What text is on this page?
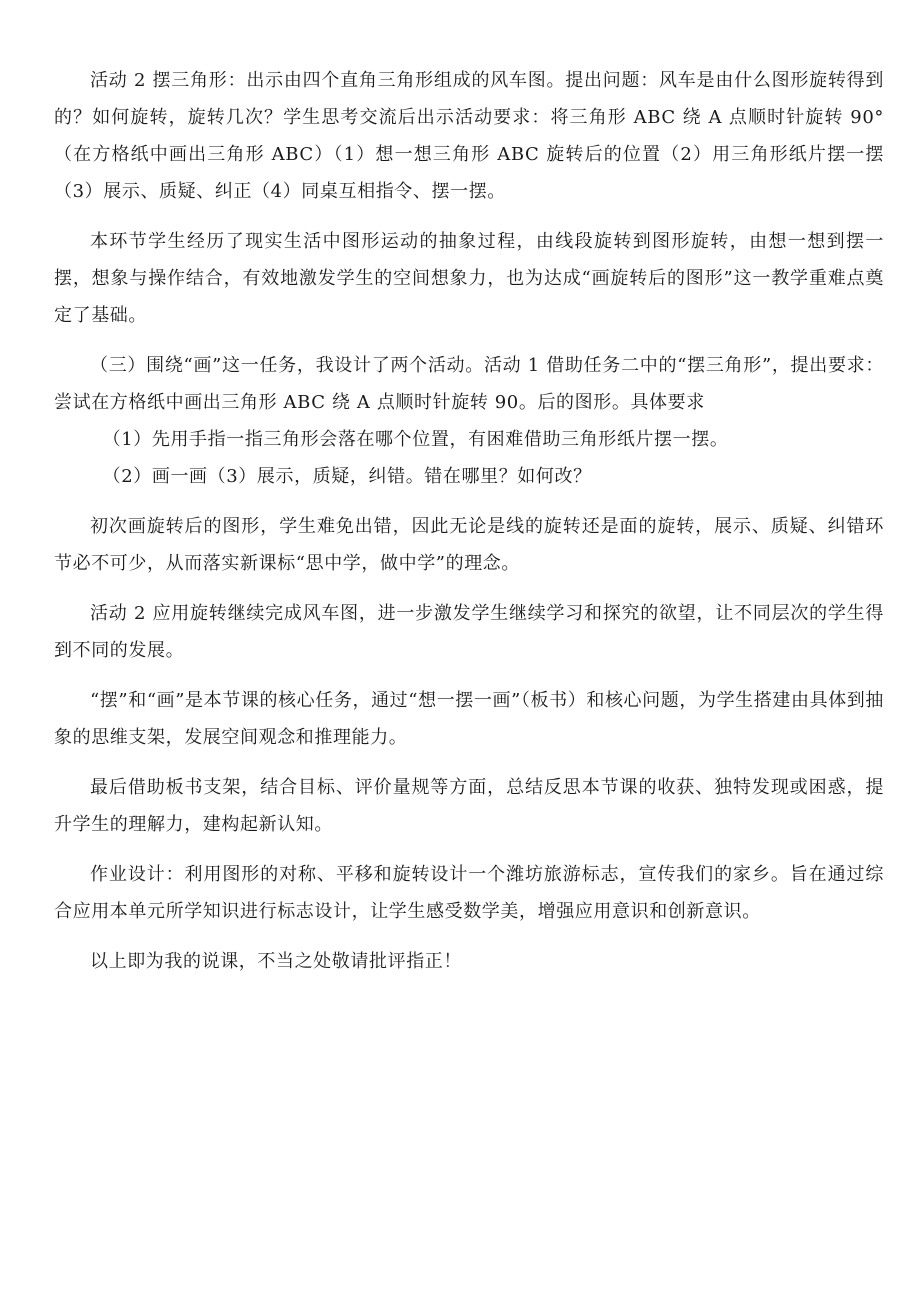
活动 2 摆三角形：出示由四个直角三角形组成的风车图。提出问题：风车是由什么图形旋转得到的？如何旋转，旋转几次？学生思考交流后出示活动要求：将三角形 ABC 绕 A 点顺时针旋转 90°（在方格纸中画出三角形 ABC）（1）想一想三角形 ABC 旋转后的位置（2）用三角形纸片摆一摆（3）展示、质疑、纠正（4）同桌互相指令、摆一摆。

本环节学生经历了现实生活中图形运动的抽象过程，由线段旋转到图形旋转，由想一想到摆一摆，想象与操作结合，有效地激发学生的空间想象力，也为达成“画旋转后的图形”这一教学重难点奠定了基础。

（三）围绕“画”这一任务，我设计了两个活动。活动 1 借助任务二中的“摆三角形”，提出要求：尝试在方格纸中画出三角形 ABC 绕 A 点顺时针旋转 90。后的图形。具体要求

（1）先用手指一指三角形会落在哪个位置，有困难借助三角形纸片摆一摆。

（2）画一画（3）展示，质疑，纠错。错在哪里？如何改？

初次画旋转后的图形，学生难免出错，因此无论是线的旋转还是面的旋转，展示、质疑、纠错环节必不可少，从而落实新课标“思中学，做中学”的理念。

活动 2 应用旋转继续完成风车图，进一步激发学生继续学习和探究的欲望，让不同层次的学生得到不同的发展。

“摆”和“画”是本节课的核心任务，通过“想一摆一画”（板书）和核心问题，为学生搭建由具体到抽象的思维支架，发展空间观念和推理能力。

最后借助板书支架，结合目标、评价量规等方面，总结反思本节课的收获、独特发现或困惑，提升学生的理解力，建构起新认知。

作业设计：利用图形的对称、平移和旋转设计一个潍坊旅游标志，宣传我们的家乡。旨在通过综合应用本单元所学知识进行标志设计，让学生感受数学美，增强应用意识和创新意识。

以上即为我的说课，不当之处敬请批评指正！
